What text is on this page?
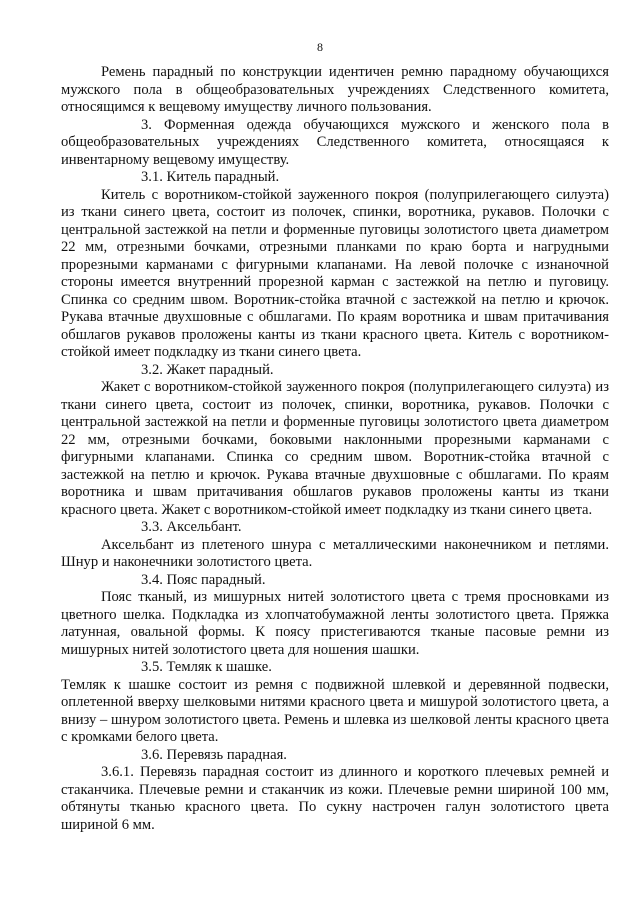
8

Ремень парадный по конструкции идентичен ремню парадному обучающихся мужского пола в общеобразовательных учреждениях Следственного комитета, относящимся к вещевому имуществу личного пользования.

3. Форменная одежда обучающихся мужского и женского пола в общеобразовательных учреждениях Следственного комитета, относящаяся к инвентарному вещевому имуществу.

3.1. Китель парадный.

Китель с воротником-стойкой зауженного покроя (полуприлегающего силуэта) из ткани синего цвета, состоит из полочек, спинки, воротника, рукавов. Полочки с центральной застежкой на петли и форменные пуговицы золотистого цвета диаметром 22 мм, отрезными бочками, отрезными планками по краю борта и нагрудными прорезными карманами с фигурными клапанами. На левой полочке с изнаночной стороны имеется внутренний прорезной карман с застежкой на петлю и пуговицу. Спинка со средним швом. Воротник-стойка втачной с застежкой на петлю и крючок. Рукава втачные двухшовные с обшлагами. По краям воротника и швам притачивания обшлагов рукавов проложены канты из ткани красного цвета. Китель с воротником-стойкой имеет подкладку из ткани синего цвета.

3.2. Жакет парадный.

Жакет с воротником-стойкой зауженного покроя (полуприлегающего силуэта) из ткани синего цвета, состоит из полочек, спинки, воротника, рукавов. Полочки с центральной застежкой на петли и форменные пуговицы золотистого цвета диаметром 22 мм, отрезными бочками, боковыми наклонными прорезными карманами с фигурными клапанами. Спинка со средним швом. Воротник-стойка втачной с застежкой на петлю и крючок. Рукава втачные двухшовные с обшлагами. По краям воротника и швам притачивания обшлагов рукавов проложены канты из ткани красного цвета. Жакет с воротником-стойкой имеет подкладку из ткани синего цвета.

3.3. Аксельбант.

Аксельбант из плетеного шнура с металлическими наконечником и петлями. Шнур и наконечники золотистого цвета.

3.4. Пояс парадный.

Пояс тканый, из мишурных нитей золотистого цвета с тремя просновками из цветного шелка. Подкладка из хлопчатобумажной ленты золотистого цвета. Пряжка латунная, овальной формы. К поясу пристегиваются тканые пасовые ремни из мишурных нитей золотистого цвета для ношения шашки.

3.5. Темляк к шашке.

Темляк к шашке состоит из ремня с подвижной шлевкой и деревянной подвески, оплетенной вверху шелковыми нитями красного цвета и мишурой золотистого цвета, а внизу – шнуром золотистого цвета. Ремень и шлевка из шелковой ленты красного цвета с кромками белого цвета.

3.6. Перевязь парадная.

3.6.1. Перевязь парадная состоит из длинного и короткого плечевых ремней и стаканчика. Плечевые ремни и стаканчик из кожи. Плечевые ремни шириной 100 мм, обтянуты тканью красного цвета. По сукну настрочен галун золотистого цвета шириной 6 мм.
